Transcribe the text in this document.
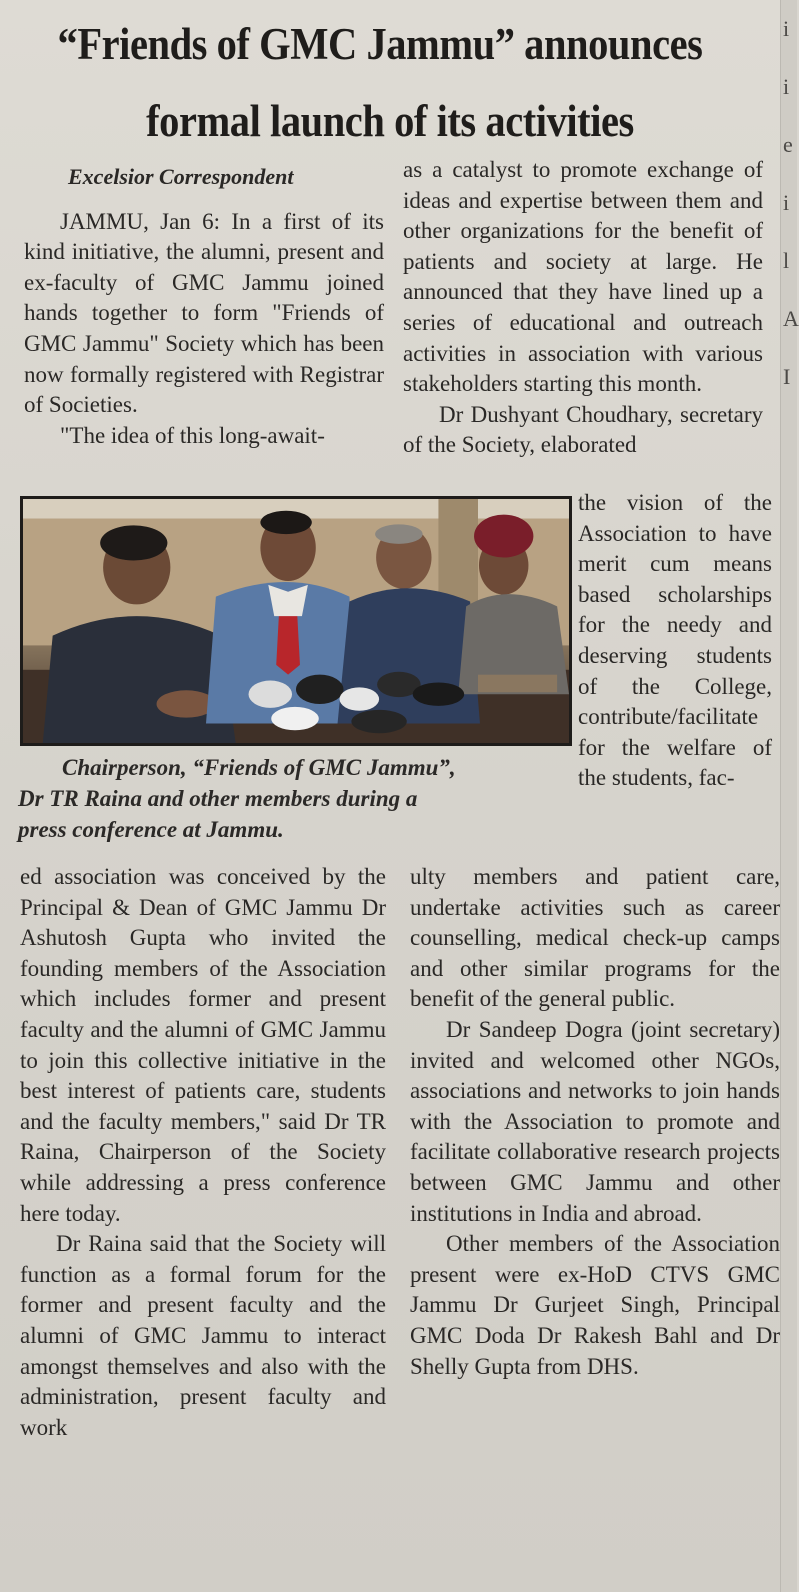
“Friends of GMC Jammu” announces
formal launch of its activities

Excelsior Correspondent

JAMMU, Jan 6: In a first of its kind initiative, the alumni, present and ex-faculty of GMC Jammu joined hands together to form "Friends of GMC Jammu" Society which has been now formally registered with Registrar of Societies.

"The idea of this long-await-

as a catalyst to promote exchange of ideas and expertise between them and other organizations for the benefit of patients and society at large. He announced that they have lined up a series of educational and outreach activities in association with various stakeholders starting this month.

Dr Dushyant Choudhary, secretary of the Society, elaborated

the vision of the Association to have merit cum means based scholarships for the needy and deserving students of the College, contribute/facilitate for the welfare of the students, fac-

Chairperson, “Friends of GMC Jammu”,
Dr TR Raina and other members during a
press conference at Jammu.

ed association was conceived by the Principal & Dean of GMC Jammu Dr Ashutosh Gupta who invited the founding members of the Association which includes former and present faculty and the alumni of GMC Jammu to join this collective initiative in the best interest of patients care, students and the faculty members," said Dr TR Raina, Chairperson of the Society while addressing a press conference here today.

Dr Raina said that the Society will function as a formal forum for the former and present faculty and the alumni of GMC Jammu to interact amongst themselves and also with the administration, present faculty and work

ulty members and patient care, undertake activities such as career counselling, medical check-up camps and other similar programs for the benefit of the general public.

Dr Sandeep Dogra (joint secretary) invited and welcomed other NGOs, associations and networks to join hands with the Association to promote and facilitate collaborative research projects between GMC Jammu and other institutions in India and abroad.

Other members of the Association present were ex-HoD CTVS GMC Jammu Dr Gurjeet Singh, Principal GMC Doda Dr Rakesh Bahl and Dr Shelly Gupta from DHS.

i
i
e
i
l
A
I
